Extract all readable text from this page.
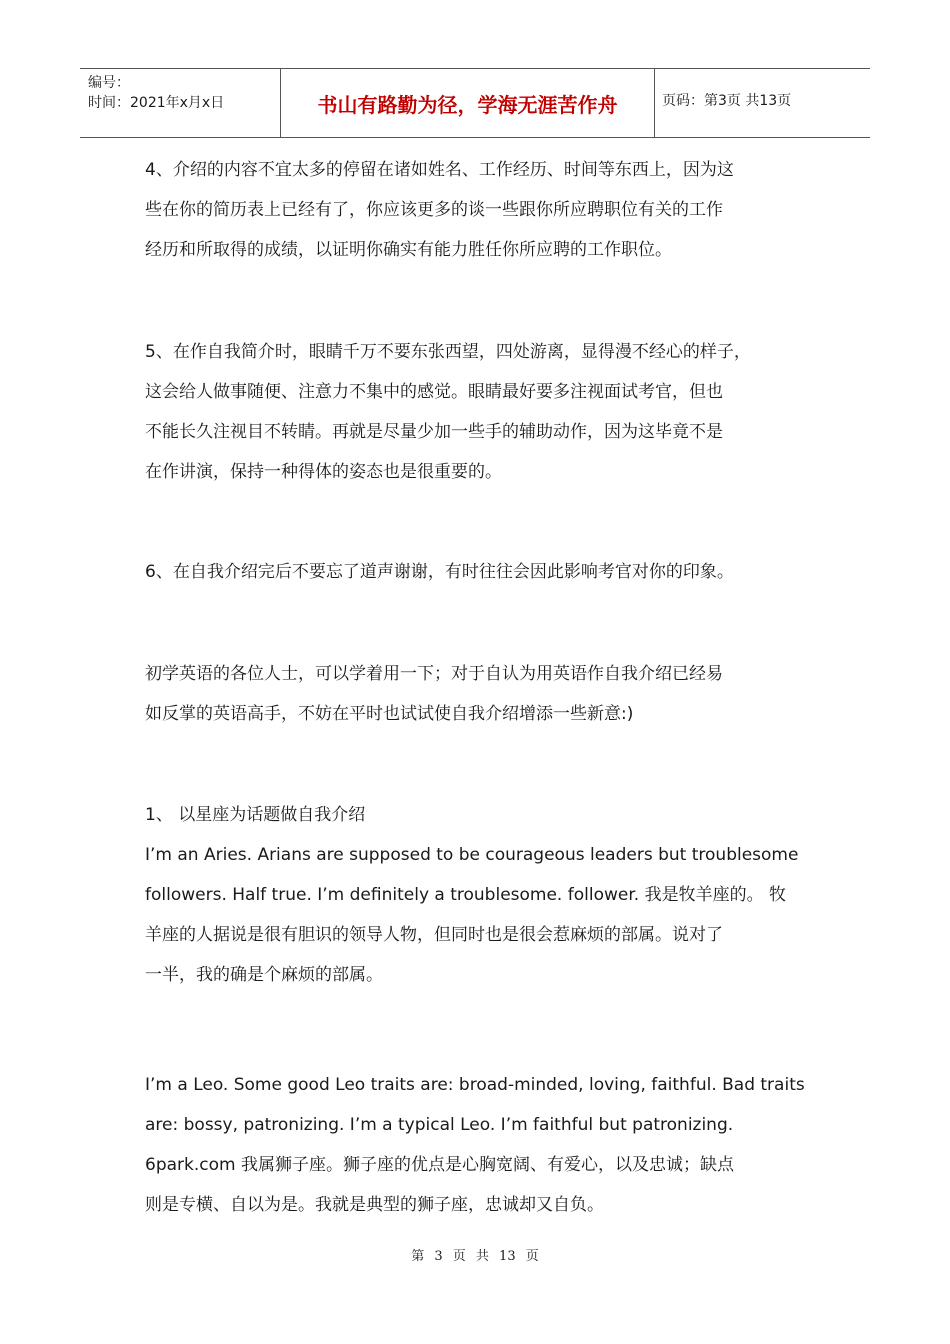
编号：
时间：2021年x月x日	书山有路勤为径，学海无涯苦作舟	页码：第3页 共13页
4、介绍的内容不宜太多的停留在诸如姓名、工作经历、时间等东西上，因为这
些在你的简历表上已经有了，你应该更多的谈一些跟你所应聘职位有关的工作
经历和所取得的成绩，以证明你确实有能力胜任你所应聘的工作职位。
5、在作自我简介时，眼睛千万不要东张西望，四处游离，显得漫不经心的样子，
这会给人做事随便、注意力不集中的感觉。眼睛最好要多注视面试考官，但也
不能长久注视目不转睛。再就是尽量少加一些手的辅助动作，因为这毕竟不是
在作讲演，保持一种得体的姿态也是很重要的。
6、在自我介绍完后不要忘了道声谢谢，有时往往会因此影响考官对你的印象。
初学英语的各位人士，可以学着用一下；对于自认为用英语作自我介绍已经易
如反掌的英语高手，不妨在平时也试试使自我介绍增添一些新意:)
1、 以星座为话题做自我介绍
I’m an Aries. Arians are supposed to be courageous leaders but troublesome
followers. Half true. I’m definitely a troublesome. follower. 我是牧羊座的。 牧
羊座的人据说是很有胆识的领导人物，但同时也是很会惹麻烦的部属。说对了
一半，我的确是个麻烦的部属。
I’m a Leo. Some good Leo traits are: broad-minded, loving, faithful. Bad traits
are: bossy, patronizing. I’m a typical Leo. I’m faithful but patronizing.
6park.com 我属狮子座。狮子座的优点是心胸宽阔、有爱心，以及忠诚；缺点
则是专横、自以为是。我就是典型的狮子座，忠诚却又自负。
第 3 页 共 13 页
